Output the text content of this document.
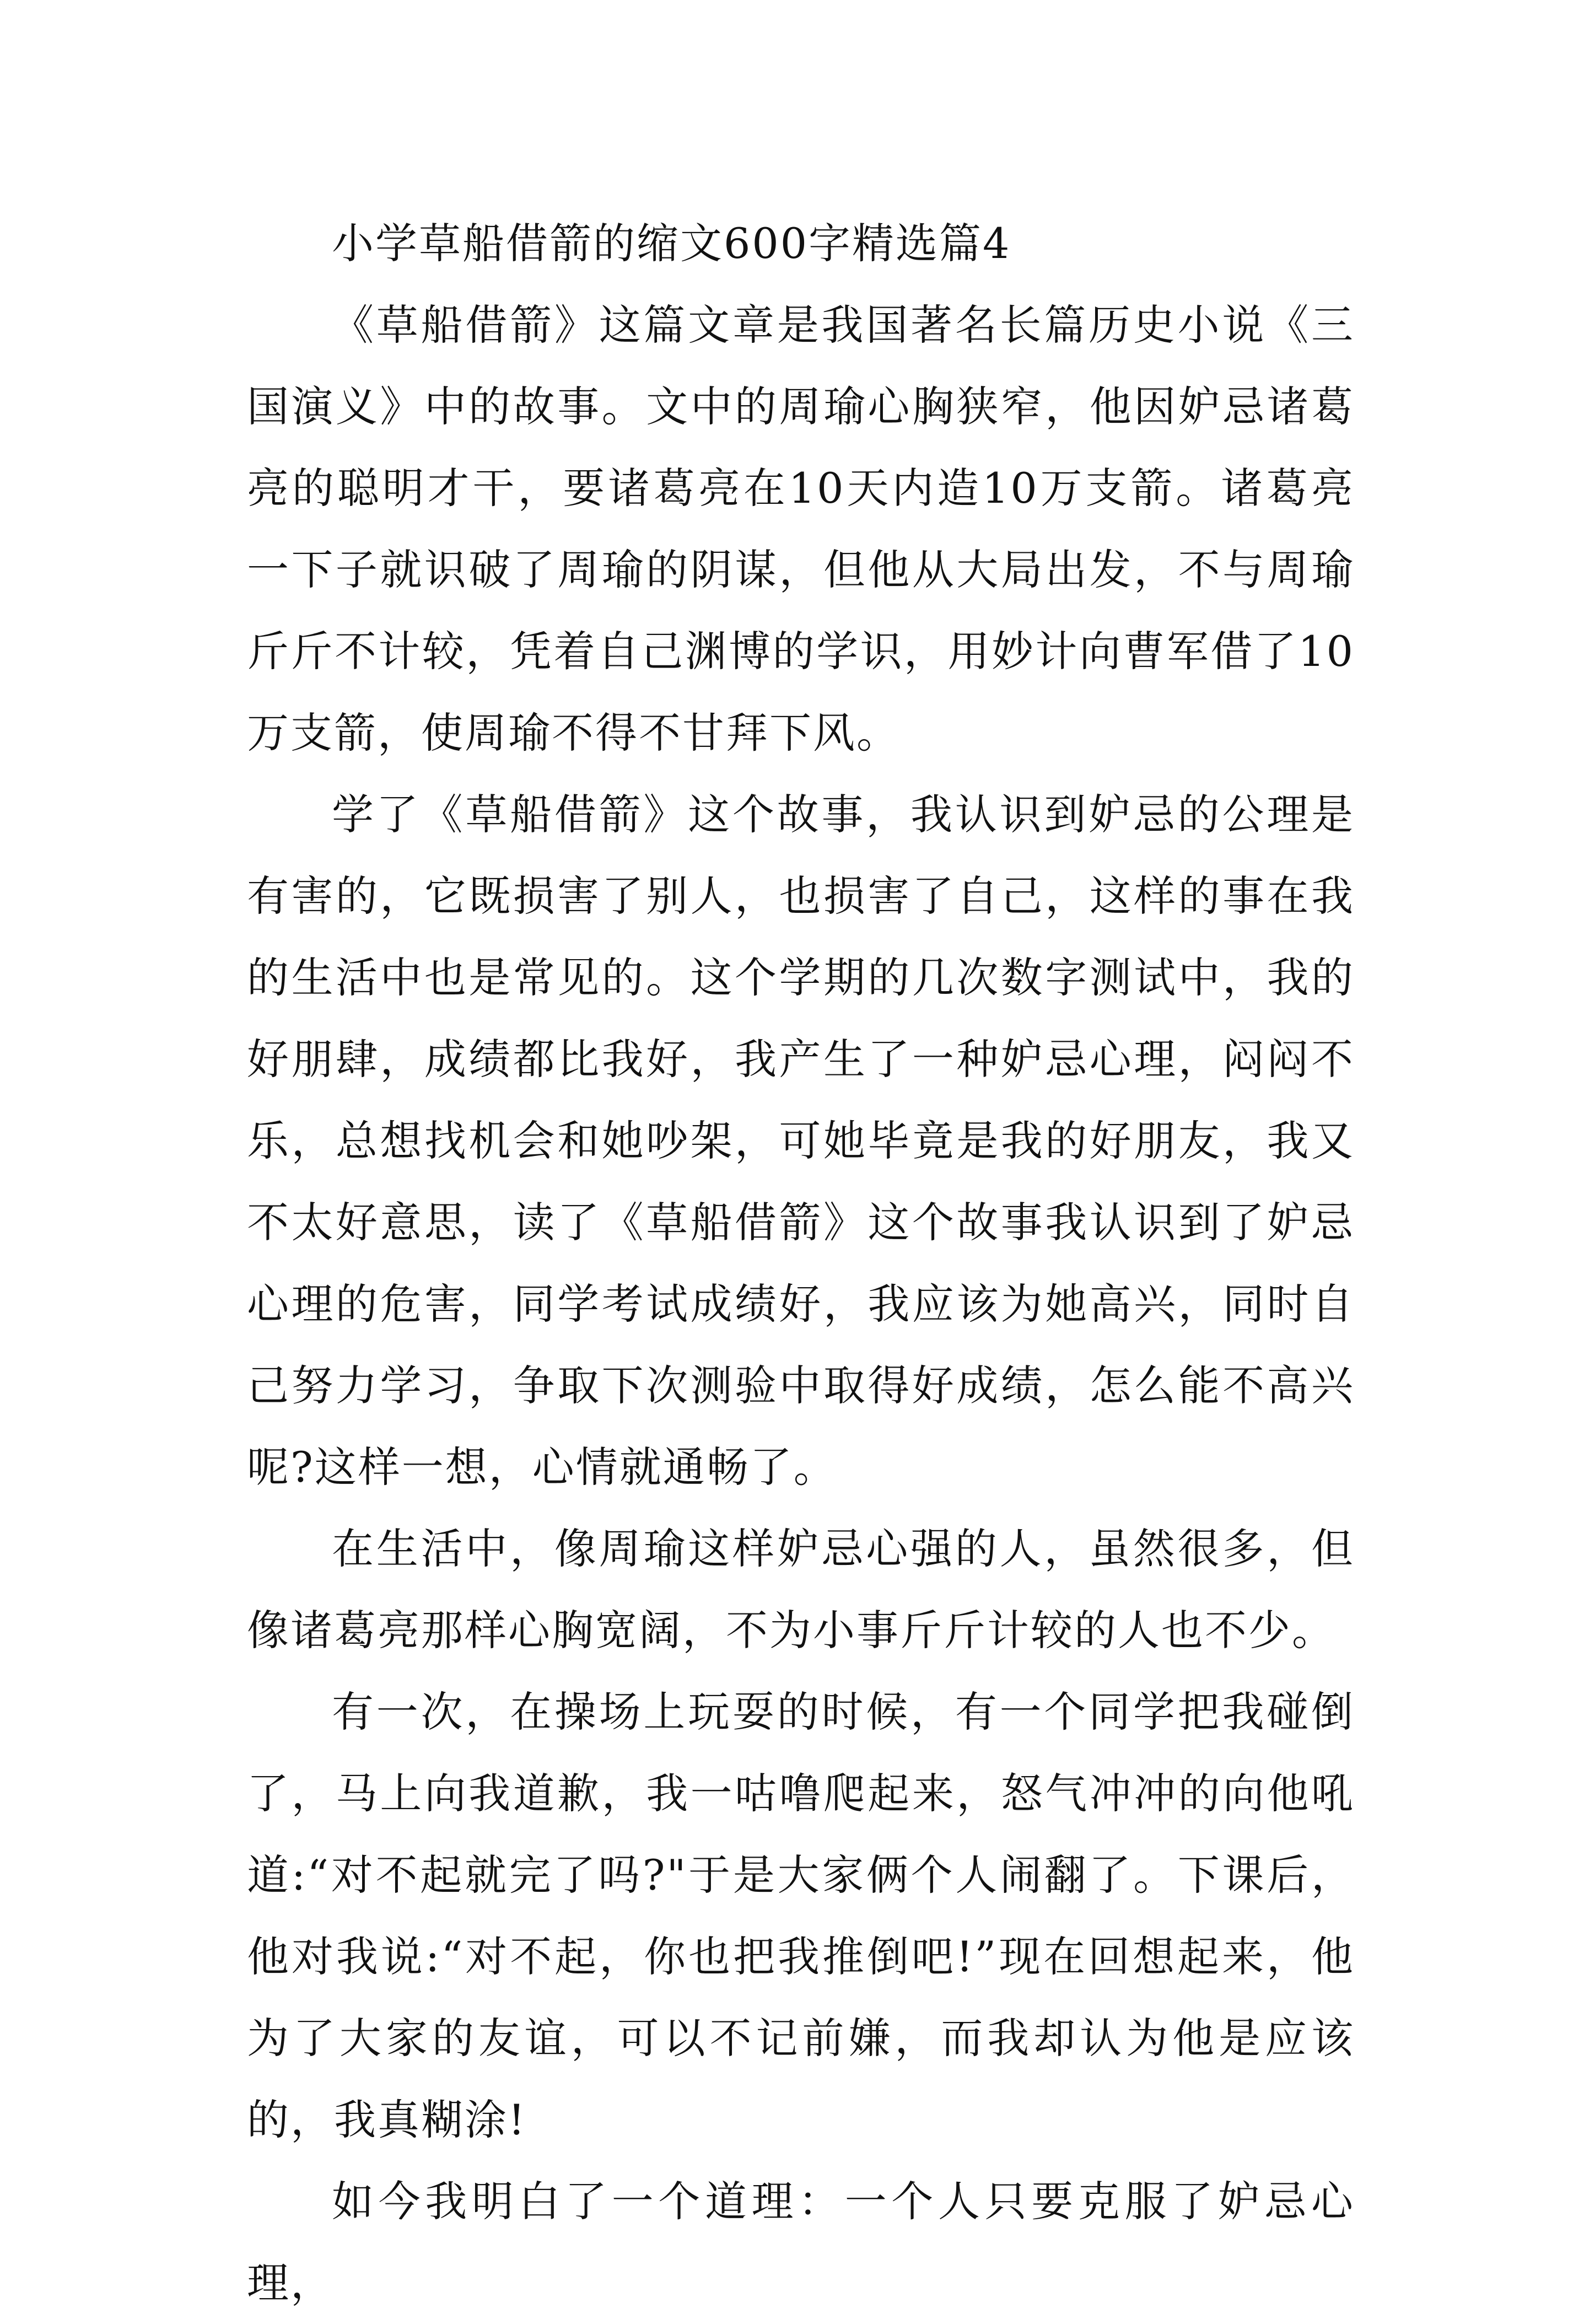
小学草船借箭的缩文600字精选篇4

《草船借箭》这篇文章是我国著名长篇历史小说《三国演义》中的故事。文中的周瑜心胸狭窄，他因妒忌诸葛亮的聪明才干，要诸葛亮在10天内造10万支箭。诸葛亮一下子就识破了周瑜的阴谋，但他从大局出发，不与周瑜斤斤不计较，凭着自己渊博的学识，用妙计向曹军借了10万支箭，使周瑜不得不甘拜下风。

学了《草船借箭》这个故事，我认识到妒忌的公理是有害的，它既损害了别人，也损害了自己，这样的事在我的生活中也是常见的。这个学期的几次数字测试中，我的好朋肆，成绩都比我好，我产生了一种妒忌心理，闷闷不乐，总想找机会和她吵架，可她毕竟是我的好朋友，我又不太好意思，读了《草船借箭》这个故事我认识到了妒忌心理的危害，同学考试成绩好，我应该为她高兴，同时自己努力学习，争取下次测验中取得好成绩，怎么能不高兴呢?这样一想，心情就通畅了。

在生活中，像周瑜这样妒忌心强的人，虽然很多，但像诸葛亮那样心胸宽阔，不为小事斤斤计较的人也不少。

有一次，在操场上玩耍的时候，有一个同学把我碰倒了，马上向我道歉，我一咕噜爬起来，怒气冲冲的向他吼道:“对不起就完了吗?"于是大家俩个人闹翻了。下课后，他对我说:“对不起，你也把我推倒吧!”现在回想起来，他为了大家的友谊，可以不记前嫌，而我却认为他是应该的，我真糊涂!

如今我明白了一个道理：一个人只要克服了妒忌心理，
